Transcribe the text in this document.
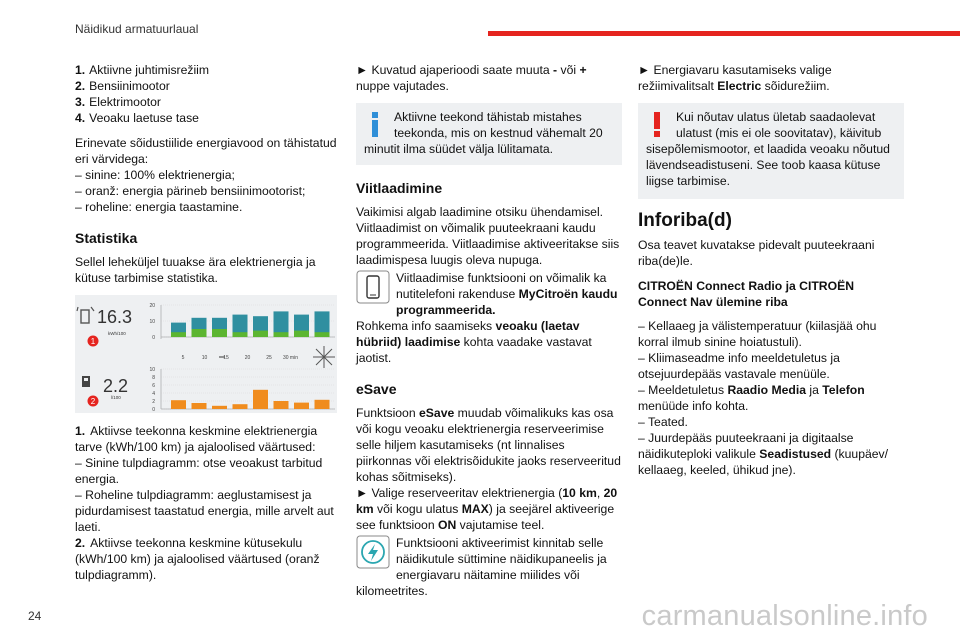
Näidikud armatuurlaual
1. Aktiivne juhtimisrežiim
2. Bensiinimootor
3. Elektrimootor
4. Veoaku laetuse tase

Erinevate sõidustiilide energiavood on tähistatud eri värvidega:

– sinine: 100% elektrienergia;
– oranž: energia pärineb bensiinimootorist;
– roheline: energia taastamine.
Statistika

Sellel leheküljel tuuakse ära elektrienergia ja kütuse tarbimise statistika.

16.3
kWh/100
1
20
10
0
5	10	15	20	25 30 min
2.2
l/100
2
10
8
6
4
2
0

1. Aktiivse teekonna keskmine elektrienergia tarve (kWh/100 km) ja ajaloolised väärtused:

– Sinine tulpdiagramm: otse veoakust tarbitud energia.
– Roheline tulpdiagramm: aeglustamisest ja pidurdamisest taastatud energia, mille arvelt aut laeti.

2. Aktiivse teekonna keskmine kütusekulu (kWh/100 km) ja ajaloolised väärtused (oranž tulpdiagramm).

► Kuvatud ajaperioodi saate muuta - või + nuppe vajutades.

Aktiivne teekond tähistab mistahes teekonda, mis on kestnud vähemalt 20 minutit ilma süüdet välja lülitamata.
Viitlaadimine

Vaikimisi algab laadimine otsiku ühendamisel. Viitlaadimist on võimalik puuteekraani kaudu programmeerida. Viitlaadimise aktiveeritakse siis laadimispesa luugis oleva nupuga.

Viitlaadimise funktsiooni on võimalik ka nutitelefoni rakenduse MyCitroën kaudu programmeerida.

Rohkema info saamiseks veoaku (laetav hübriid) laadimise kohta vaadake vastavat jaotist.

eSave

Funktsioon eSave muudab võimalikuks kas osa või kogu veoaku elektrienergia reserveerimise selle hiljem kasutamiseks (nt linnalises piirkonnas või elektrisõidukite jaoks reserveeritud kohas sõitmiseks).

► Valige reserveeritav elektrienergia (10 km, 20 km või kogu ulatus MAX) ja seejärel aktiveerige see funktsioon ON vajutamise teel.

Funktsiooni aktiveerimist kinnitab selle näidikutule süttimine näidikupaneelis ja energiavaru näitamine miilides või kilomeetrites.

► Energiavaru kasutamiseks valige režiimivalitsalt Electric sõidurežiim.

Kui nõutav ulatus ületab saadaolevat ulatust (mis ei ole soovitatav), käivitub sisepõlemismootor, et laadida veoaku nõutud lävendseadistuseni. See toob kaasa kütuse liigse tarbimise.
Inforiba(d)

Osa teavet kuvatakse pidevalt puuteekraani riba(de)le.

CITROËN Connect Radio ja CITROËN Connect Nav ülemine riba
– Kellaaeg ja välistemperatuur (kiilasjää ohu korral ilmub sinine hoiatustuli).
– Kliimaseadme info meeldetuletus ja otsejuurdepääs vastavale menüüle.
– Meeldetuletus Raadio Media ja Telefon menüüde info kohta.
– Teated.
– Juurdepääs puuteekraani ja digitaalse näidikuteploki valikule Seadistused (kuupäev/ kellaaeg, keeled, ühikud jne).
24	carmanualsonline.info
